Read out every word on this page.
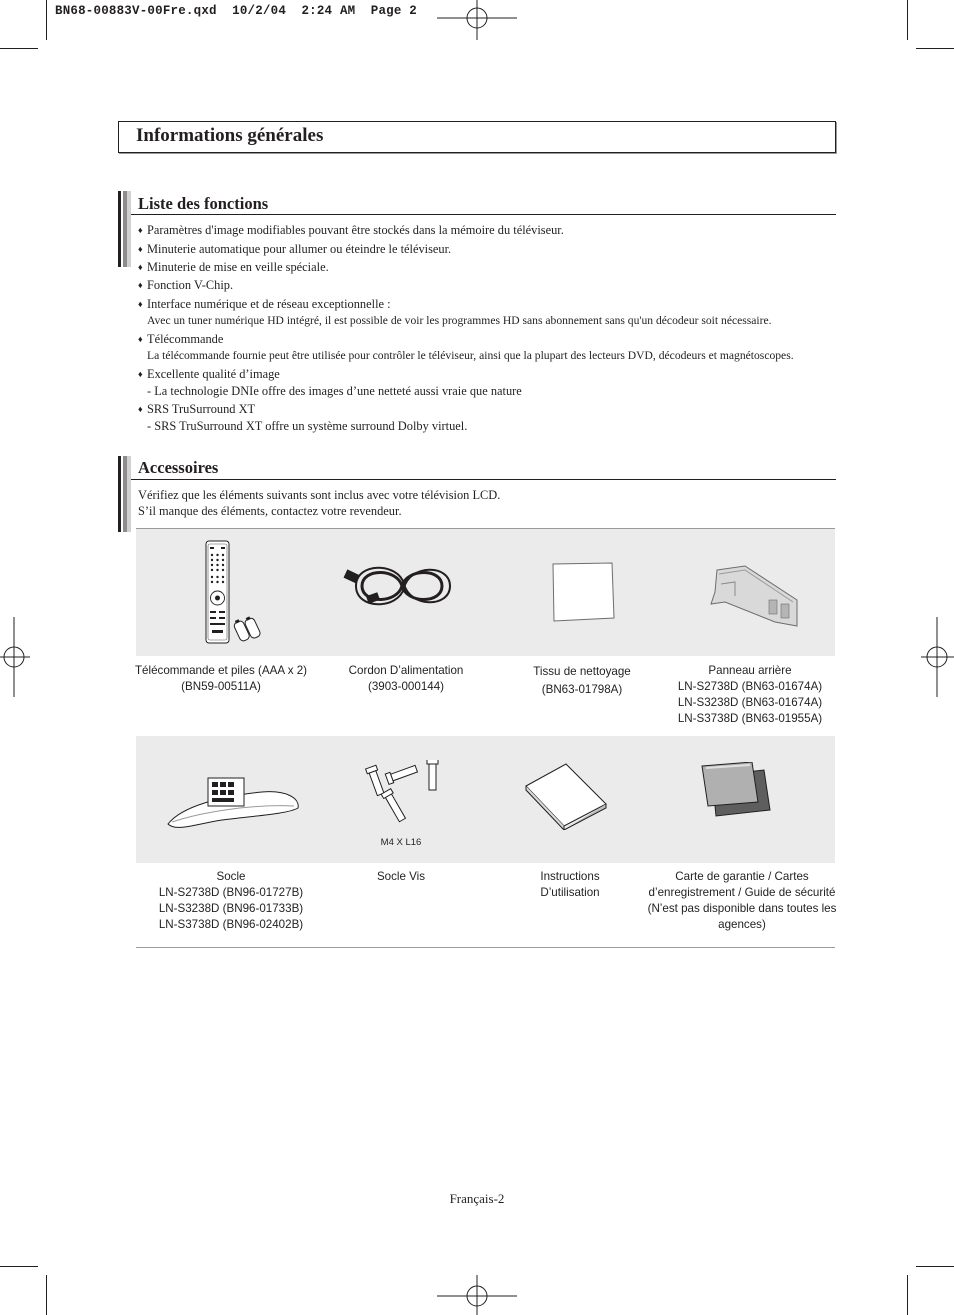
BN68-00883V-00Fre.qxd  10/2/04  2:24 AM  Page 2
Informations générales
Liste des fonctions
♦ Paramètres d'image modifiables pouvant être stockés dans la mémoire du téléviseur.
♦ Minuterie automatique pour allumer ou éteindre le téléviseur.
♦ Minuterie de mise en veille spéciale.
♦ Fonction V-Chip.
♦ Interface numérique et de réseau exceptionnelle :
Avec un tuner numérique HD intégré, il est possible de voir les programmes HD sans abonnement sans qu'un décodeur soit nécessaire.
♦ Télécommande
La télécommande fournie peut être utilisée pour contrôler le téléviseur, ainsi que la plupart des lecteurs DVD, décodeurs et magnétoscopes.
♦ Excellente qualité d’image
- La technologie DNIe offre des images d’une netteté aussi vraie que nature
♦ SRS TruSurround XT
- SRS TruSurround XT offre un système surround Dolby virtuel.
Accessoires
Vérifiez que les éléments suivants sont inclus avec votre télévision LCD.
S’il manque des éléments, contactez votre revendeur.
Télécommande et piles (AAA x 2)
(BN59-00511A)
Cordon D’alimentation
(3903-000144)
Tissu de nettoyage
(BN63-01798A)
Panneau arrière
LN-S2738D (BN63-01674A)
LN-S3238D (BN63-01674A)
LN-S3738D (BN63-01955A)
M4 X L16
Socle
LN-S2738D (BN96-01727B)
LN-S3238D (BN96-01733B)
LN-S3738D (BN96-02402B)
Socle Vis	Instructions
D’utilisation
Carte de garantie / Cartes
d’enregistrement / Guide de sécurité
(N’est pas disponible dans toutes les
agences)
Français-2
